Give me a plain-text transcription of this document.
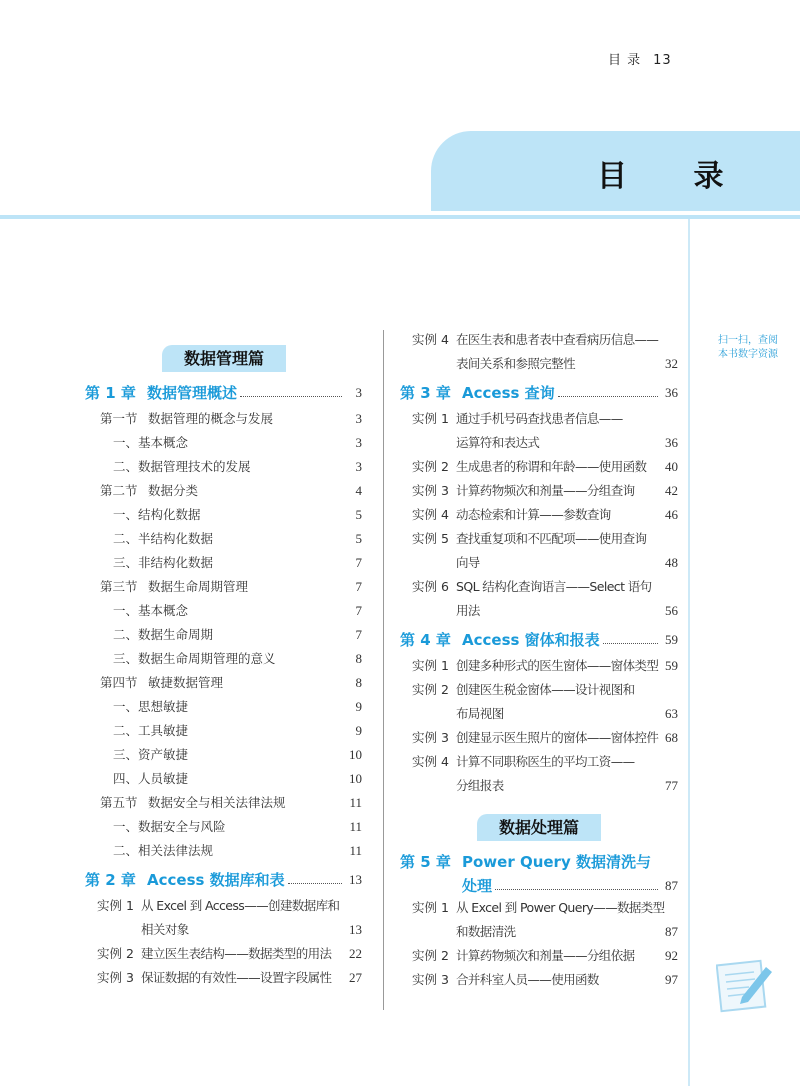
目 录 13
目 录
扫一扫，查阅
本书数字资源
数据管理篇
第 1 章 数据管理概述	3
第一节 数据管理的概念与发展	3
一、基本概念	3
二、数据管理技术的发展	3
第二节 数据分类	4
一、结构化数据	5
二、半结构化数据	5
三、非结构化数据	7
第三节 数据生命周期管理	7
一、基本概念	7
二、数据生命周期	7
三、数据生命周期管理的意义	8
第四节 敏捷数据管理	8
一、思想敏捷	9
二、工具敏捷	9
三、资产敏捷	10
四、人员敏捷	10
第五节 数据安全与相关法律法规	11
一、数据安全与风险	11
二、相关法律法规	11
第 2 章 Access 数据库和表	13
实例 1 从 Excel 到 Access——创建数据库和
相关对象	13
实例 2 建立医生表结构——数据类型的用法 22
实例 3 保证数据的有效性——设置字段属性 27
实例 4 在医生表和患者表中查看病历信息——
表间关系和参照完整性	32
第 3 章 Access 查询	36
实例 1 通过手机号码查找患者信息——
运算符和表达式	36
实例 2 生成患者的称谓和年龄——使用函数 40
实例 3 计算药物频次和剂量——分组查询 42
实例 4 动态检索和计算——参数查询	46
实例 5 查找重复项和不匹配项——使用查询
向导	48
实例 6 SQL 结构化查询语言——Select 语句
用法	56
第 4 章 Access 窗体和报表	59
实例 1 创建多种形式的医生窗体——窗体类型 59
实例 2 创建医生税金窗体——设计视图和
布局视图	63
实例 3 创建显示医生照片的窗体——窗体控件 68
实例 4 计算不同职称医生的平均工资——
分组报表	77
数据处理篇
第 5 章 Power Query 数据清洗与
处理	87
实例 1 从 Excel 到 Power Query——数据类型
和数据清洗	87
实例 2 计算药物频次和剂量——分组依据 92
实例 3 合并科室人员——使用函数	97
